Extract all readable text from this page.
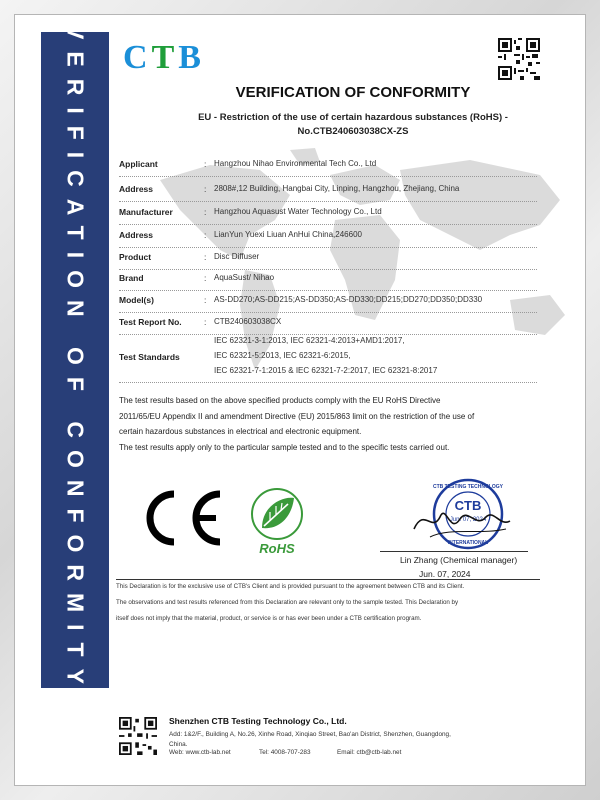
VERIFICATION OF CONFORMITY CTB
VERIFICATION OF CONFORMITY
EU - Restriction of the use of certain hazardous substances (RoHS) -
No.CTB240603038CX-ZS
Applicant	: Hangzhou Nihao Environmental Tech Co., Ltd
Address	: 2808#,12 Building, Hangbai City, Linping, Hangzhou, Zhejiang, China
Manufacturer	: Hangzhou Aquasust Water Technology Co., Ltd
Address	: LianYun Yuexi Liuan AnHui China,246600
Product	: Disc Diffuser
Brand	: AquaSust/ Nihao
Model(s)	: AS-DD270;AS-DD215;AS-DD350;AS-DD330;DD215;DD270;DD350;DD330
Test Report No.	: CTB240603038CX
Test Standards
IEC 62321-3-1:2013, IEC 62321-4:2013+AMD1:2017,
IEC 62321-5:2013, IEC 62321-6:2015,
IEC 62321-7-1:2015 & IEC 62321-7-2:2017, IEC 62321-8:2017
The test results based on the above specified products comply with the EU RoHS Directive
2011/65/EU Appendix II and amendment Directive (EU) 2015/863 limit on the restriction of the use of
certain hazardous substances in electrical and electronic equipment.
The test results apply only to the particular sample tested and to the specific tests carried out.
RoHS
CTB
CTB TESTING TECHNOLOGY
INTERNATIONAL
Jun. 07, 2024
Lin Zhang (Chemical manager)
Jun. 07, 2024
This Declaration is for the exclusive use of CTB's Client and is provided pursuant to the agreement between CTB and its Client.
The observations and test results referenced from this Declaration are relevant only to the sample tested. This Declaration by
itself does not imply that the material, product, or service is or has ever been under a CTB certification program.
Shenzhen CTB Testing Technology Co., Ltd.
Add: 1&2/F., Building A, No.26, Xinhe Road, Xinqiao Street, Bao'an District, Shenzhen, Guangdong,
China.
Web: www.ctb-lab.net	Tel: 4008-707-283	Email: ctb@ctb-lab.net
